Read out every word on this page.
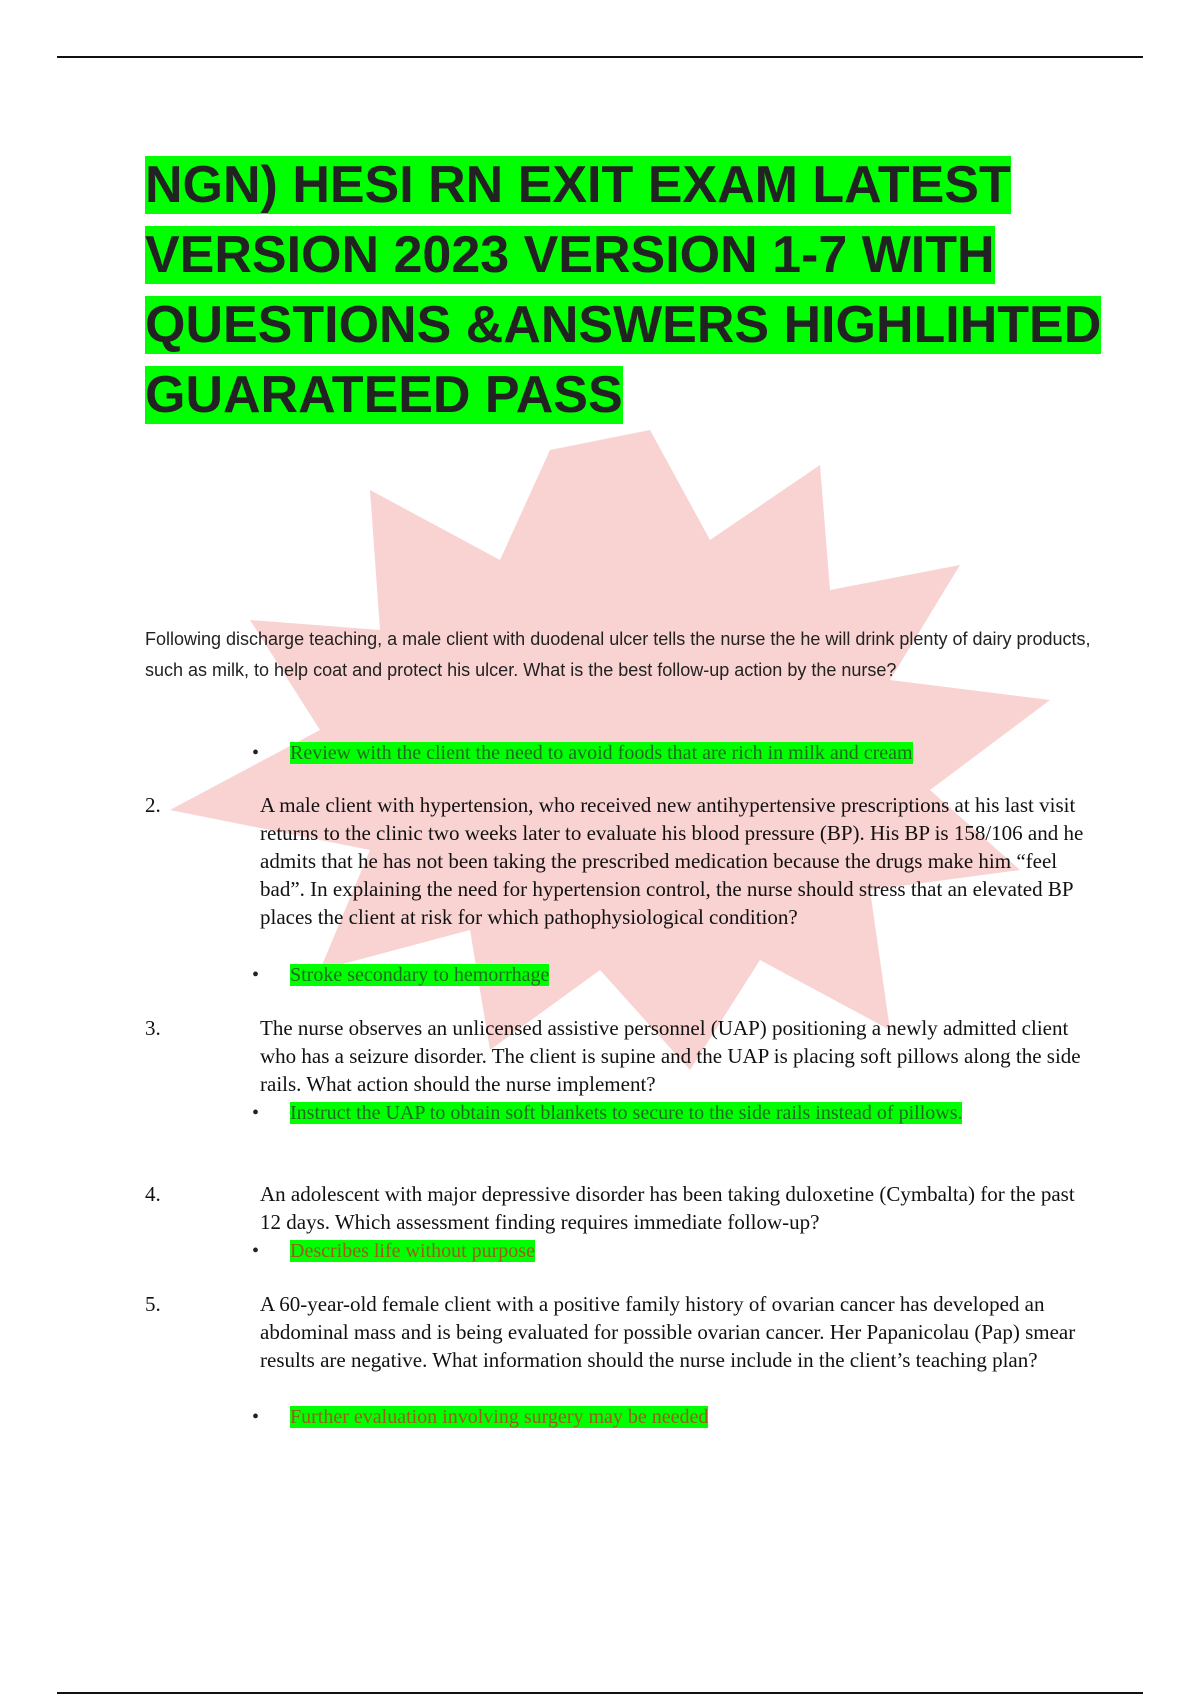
NGN) HESI RN EXIT EXAM LATEST VERSION 2023 VERSION 1-7 WITH QUESTIONS &ANSWERS HIGHLIHTED GUARATEED PASS

Following discharge teaching, a male client with duodenal ulcer tells the nurse the he will drink plenty of dairy products, such as milk, to help coat and protect his ulcer. What is the best follow-up action by the nurse?

• Review with the client the need to avoid foods that are rich in milk and cream
2.	A male client with hypertension, who received new antihypertensive prescriptions at his last visit returns to the clinic two weeks later to evaluate his blood pressure (BP). His BP is 158/106 and he admits that he has not been taking the prescribed medication because the drugs make him “feel bad”. In explaining the need for hypertension control, the nurse should stress that an elevated BP places the client at risk for which pathophysiological condition?

• Stroke secondary to hemorrhage
3.	The nurse observes an unlicensed assistive personnel (UAP) positioning a newly admitted client who has a seizure disorder. The client is supine and the UAP is placing soft pillows along the side rails. What action should the nurse implement?

• Instruct the UAP to obtain soft blankets to secure to the side rails instead of pillows.
4.	An adolescent with major depressive disorder has been taking duloxetine (Cymbalta) for the past 12 days. Which assessment finding requires immediate follow-up?

• Describes life without purpose
5.	A 60-year-old female client with a positive family history of ovarian cancer has developed an abdominal mass and is being evaluated for possible ovarian cancer. Her Papanicolau (Pap) smear results are negative. What information should the nurse include in the client’s teaching plan?

• Further evaluation involving surgery may be needed
